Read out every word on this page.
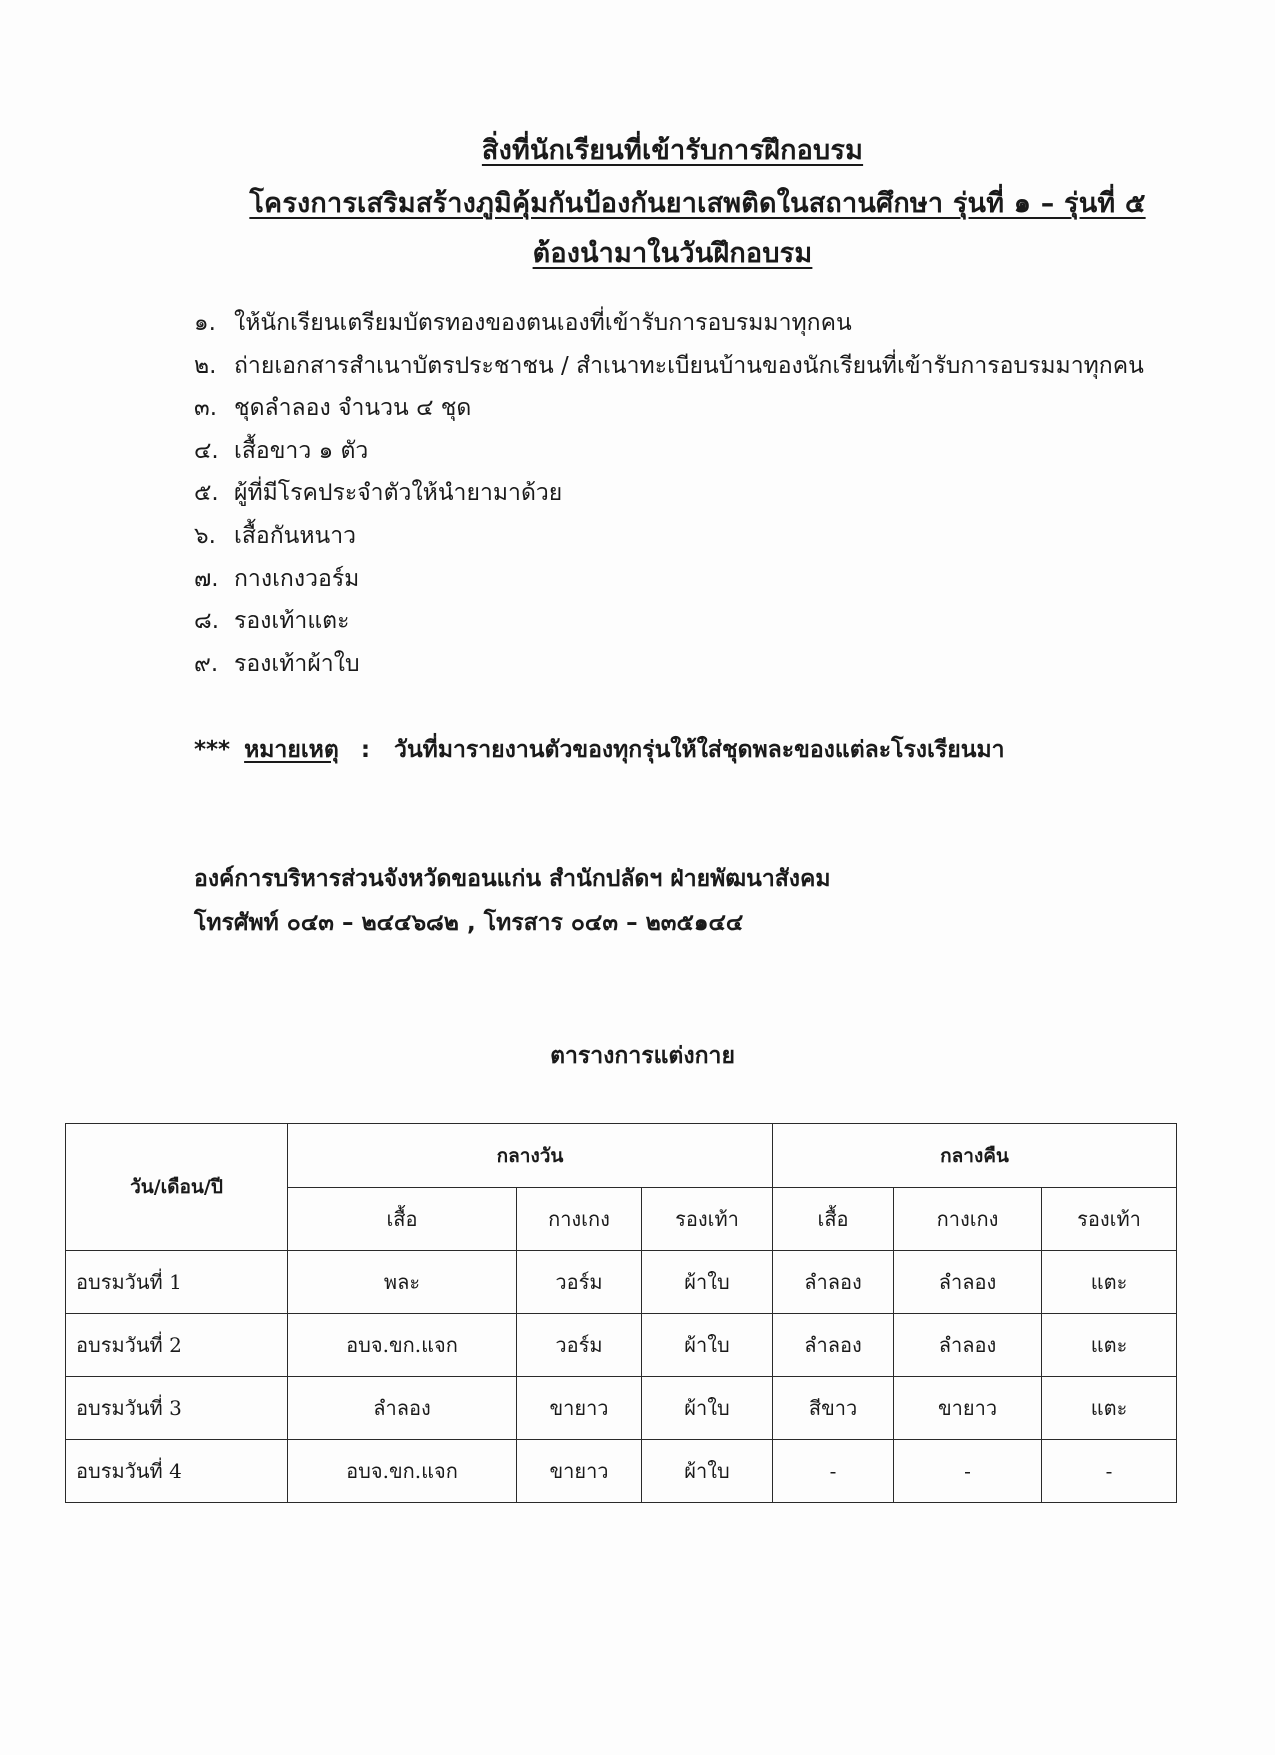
สิ่งที่นักเรียนที่เข้ารับการฝึกอบรม
โครงการเสริมสร้างภูมิคุ้มกันป้องกันยาเสพติดในสถานศึกษา รุ่นที่ ๑ – รุ่นที่ ๕
ต้องนำมาในวันฝึกอบรม
๑. ให้นักเรียนเตรียมบัตรทองของตนเองที่เข้ารับการอบรมมาทุกคน
๒. ถ่ายเอกสารสำเนาบัตรประชาชน / สำเนาทะเบียนบ้านของนักเรียนที่เข้ารับการอบรมมาทุกคน
๓. ชุดลำลอง จำนวน ๔ ชุด
๔. เสื้อขาว ๑ ตัว
๕. ผู้ที่มีโรคประจำตัวให้นำยามาด้วย
๖. เสื้อกันหนาว
๗. กางเกงวอร์ม
๘. รองเท้าแตะ
๙. รองเท้าผ้าใบ
*** หมายเหตุ : วันที่มารายงานตัวของทุกรุ่นให้ใส่ชุดพละของแต่ละโรงเรียนมา
องค์การบริหารส่วนจังหวัดขอนแก่น สำนักปลัดฯ ฝ่ายพัฒนาสังคม
โทรศัพท์ ๐๔๓ – ๒๔๔๖๘๒ , โทรสาร ๐๔๓ – ๒๓๕๑๔๔
ตารางการแต่งกาย
วัน/เดือน/ปี	กลางวัน			กลางคืน		
	เสื้อ	กางเกง	รองเท้า	เสื้อ	กางเกง	รองเท้า
อบรมวันที่ 1	พละ	วอร์ม	ผ้าใบ	ลำลอง	ลำลอง	แตะ
อบรมวันที่ 2	อบจ.ขก.แจก	วอร์ม	ผ้าใบ	ลำลอง	ลำลอง	แตะ
อบรมวันที่ 3	ลำลอง	ขายาว	ผ้าใบ	สีขาว	ขายาว	แตะ
อบรมวันที่ 4	อบจ.ขก.แจก	ขายาว	ผ้าใบ	-	-	-
